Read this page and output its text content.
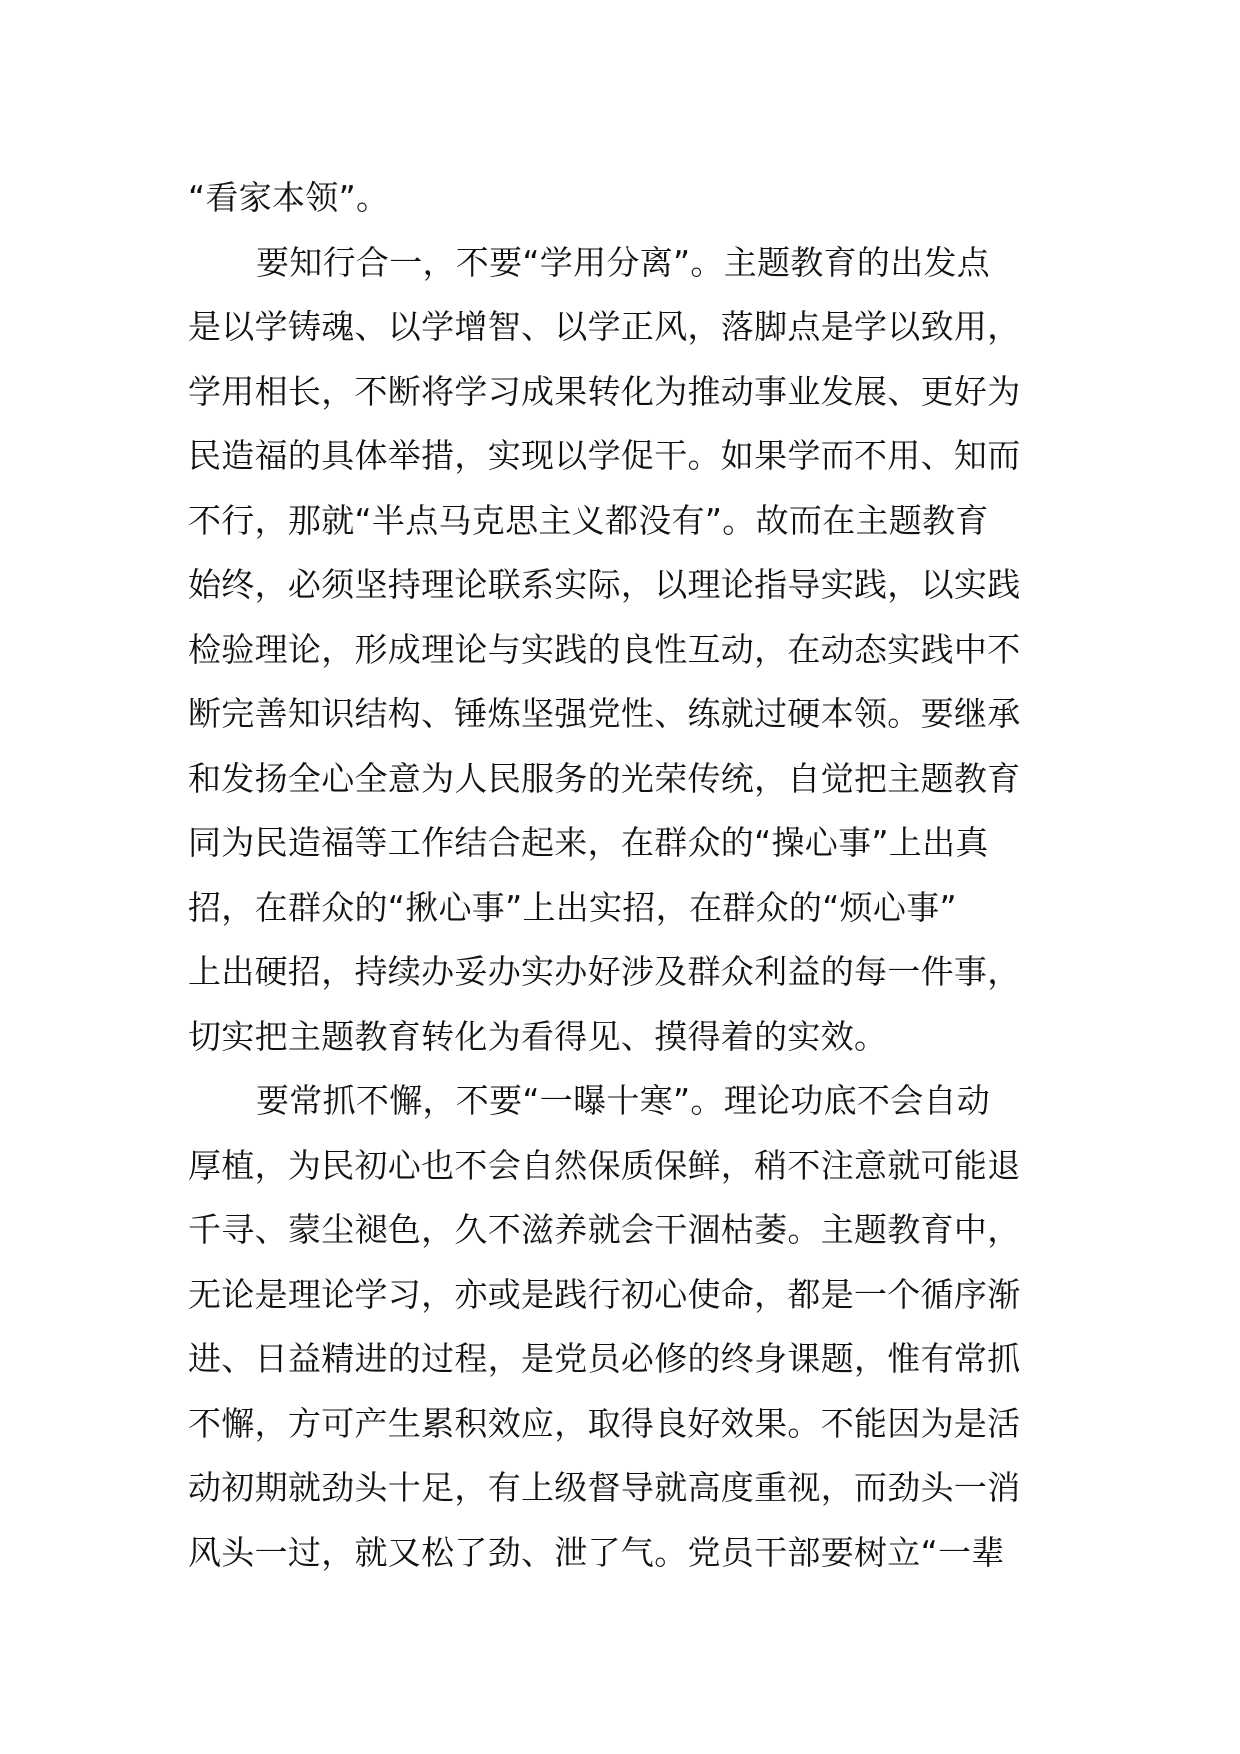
“看家本领”。
要知行合一，不要“学用分离”。主题教育的出发点
是以学铸魂、以学增智、以学正风，落脚点是学以致用，
学用相长，不断将学习成果转化为推动事业发展、更好为
民造福的具体举措，实现以学促干。如果学而不用、知而
不行，那就“半点马克思主义都没有”。故而在主题教育
始终，必须坚持理论联系实际，以理论指导实践，以实践
检验理论，形成理论与实践的良性互动，在动态实践中不
断完善知识结构、锤炼坚强党性、练就过硬本领。要继承
和发扬全心全意为人民服务的光荣传统，自觉把主题教育
同为民造福等工作结合起来，在群众的“操心事”上出真
招，在群众的“揪心事”上出实招，在群众的“烦心事”
上出硬招，持续办妥办实办好涉及群众利益的每一件事，
切实把主题教育转化为看得见、摸得着的实效。
要常抓不懈，不要“一曝十寒”。理论功底不会自动
厚植，为民初心也不会自然保质保鲜，稍不注意就可能退
千寻、蒙尘褪色，久不滋养就会干涸枯萎。主题教育中，
无论是理论学习，亦或是践行初心使命，都是一个循序渐
进、日益精进的过程，是党员必修的终身课题，惟有常抓
不懈，方可产生累积效应，取得良好效果。不能因为是活
动初期就劲头十足，有上级督导就高度重视，而劲头一消
风头一过，就又松了劲、泄了气。党员干部要树立“一辈
